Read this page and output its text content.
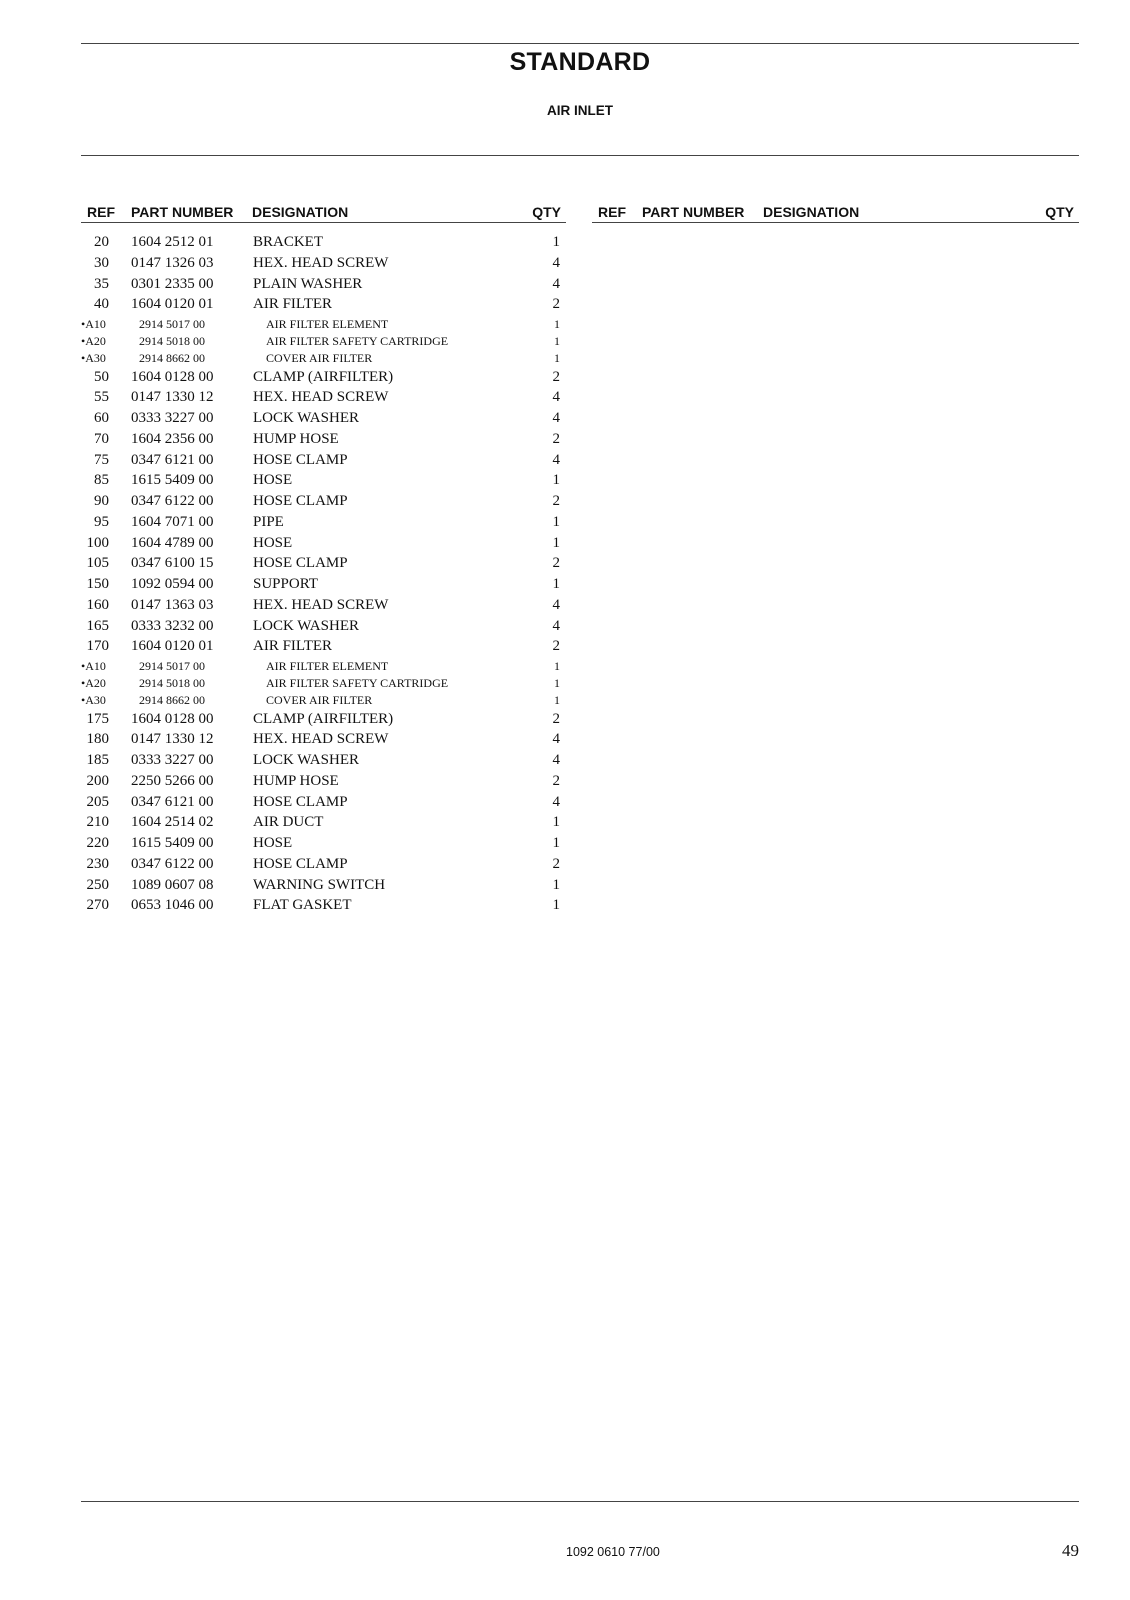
STANDARD
AIR INLET
REF PART NUMBER DESIGNATION	QTY
20 1604 2512 01	BRACKET	1
30 0147 1326 03	HEX. HEAD SCREW	4
35 0301 2335 00	PLAIN WASHER	4
40 1604 0120 01	AIR FILTER	2
•A10	2914 5017 00	AIR FILTER ELEMENT	1
•A20	2914 5018 00	AIR FILTER SAFETY CARTRIDGE	1
•A30	2914 8662 00	COVER AIR FILTER	1
50 1604 0128 00	CLAMP (AIRFILTER)	2
55 0147 1330 12	HEX. HEAD SCREW	4
60 0333 3227 00	LOCK WASHER	4
70 1604 2356 00	HUMP HOSE	2
75 0347 6121 00	HOSE CLAMP	4
85 1615 5409 00	HOSE	1
90 0347 6122 00	HOSE CLAMP	2
95 1604 7071 00	PIPE	1
100 1604 4789 00	HOSE	1
105 0347 6100 15	HOSE CLAMP	2
150 1092 0594 00	SUPPORT	1
160 0147 1363 03	HEX. HEAD SCREW	4
165 0333 3232 00	LOCK WASHER	4
170 1604 0120 01	AIR FILTER	2
•A10	2914 5017 00	AIR FILTER ELEMENT	1
•A20	2914 5018 00	AIR FILTER SAFETY CARTRIDGE	1
•A30	2914 8662 00	COVER AIR FILTER	1
175 1604 0128 00	CLAMP (AIRFILTER)	2
180 0147 1330 12	HEX. HEAD SCREW	4
185 0333 3227 00	LOCK WASHER	4
200 2250 5266 00	HUMP HOSE	2
205 0347 6121 00	HOSE CLAMP	4
210 1604 2514 02	AIR DUCT	1
220 1615 5409 00	HOSE	1
230 0347 6122 00	HOSE CLAMP	2
250 1089 0607 08	WARNING SWITCH	1
270 0653 1046 00	FLAT GASKET	1
REF PART NUMBER DESIGNATION	QTY
1092 0610 77/00	49
